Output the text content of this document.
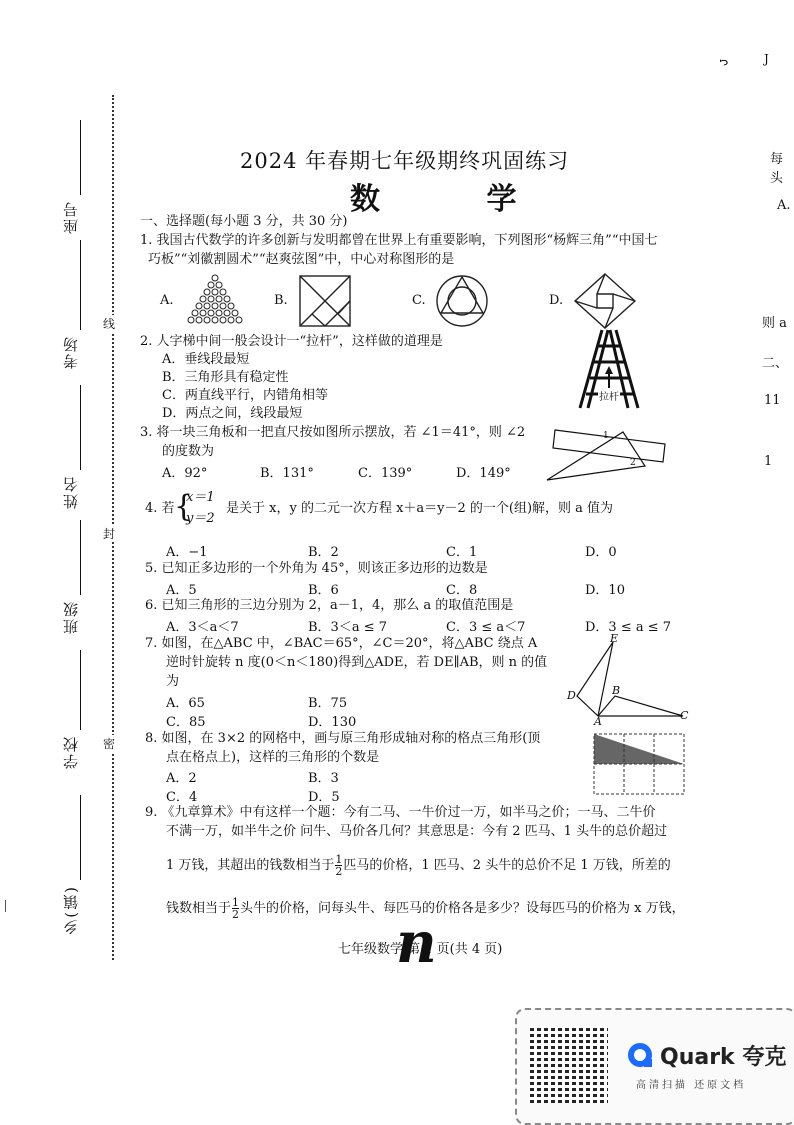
ᡗ	J
座号
考场
姓名
班级
学校
乡(镇)
线
封
密
2024 年春期七年级期终巩固练习
数 学
一、选择题(每小题 3 分，共 30 分)
1. 我国古代数学的许多创新与发明都曾在世界上有重要影响，下列图形“杨辉三角”“中国七
巧板”“刘徽割圆术”“赵爽弦图”中，中心对称图形的是
A.	B.	C.	D.
2. 人字梯中间一般会设计一“拉杆”，这样做的道理是
A．垂线段最短
B．三角形具有稳定性
C．两直线平行，内错角相等
D．两点之间，线段最短
拉杆
3. 将一块三角板和一把直尺按如图所示摆放，若 ∠1＝41°，则 ∠2
的度数为
A．92°	B．131°	C．139°	D．149°
1
2
4. 若 {
x＝1
y＝2
是关于 x，y 的二元一次方程 x＋a＝y－2 的一个(组)解，则 a 值为
A．−1	B．2	C．1	D．0
5. 已知正多边形的一个外角为 45°，则该正多边形的边数是
A．5	B．6	C．8	D．10
6. 已知三角形的三边分别为 2，a－1，4，那么 a 的取值范围是
A．3＜a＜7	B．3＜a ≤ 7	C．3 ≤ a＜7	D．3 ≤ a ≤ 7
7. 如图，在△ABC 中，∠BAC＝65°，∠C＝20°，将△ABC 绕点 A
逆时针旋转 n 度(0＜n＜180)得到△ADE，若 DE∥AB，则 n 的值
为
A．65	B．75
C．85	D．130
E
D	B
A	C
8. 如图，在 3×2 的网格中，画与原三角形成轴对称的格点三角形(顶
点在格点上)，这样的三角形的个数是
A．2	B．3
C．4	D．5
9. 《九章算术》中有这样一个题：今有二马、一牛价过一万，如半马之价；一马、二牛价
不满一万，如半牛之价 问牛、马价各几何？其意思是：今有 2 匹马、1 头牛的总价超过
1 万钱，其超出的钱数相当于 $\frac{1}{2}$ 匹马的价格，1 匹马、2 头牛的总价不足 1 万钱，所差的
钱数相当于 $\frac{1}{2}$ 头牛的价格，问每头牛、每匹马的价格各是多少？设每匹马的价格为 x 万钱，
七年级数学 第 1 页(共 4 页)
n
每头
A.
则 a
二、
11
1
Quark 夸克
高清扫描 还原文档
